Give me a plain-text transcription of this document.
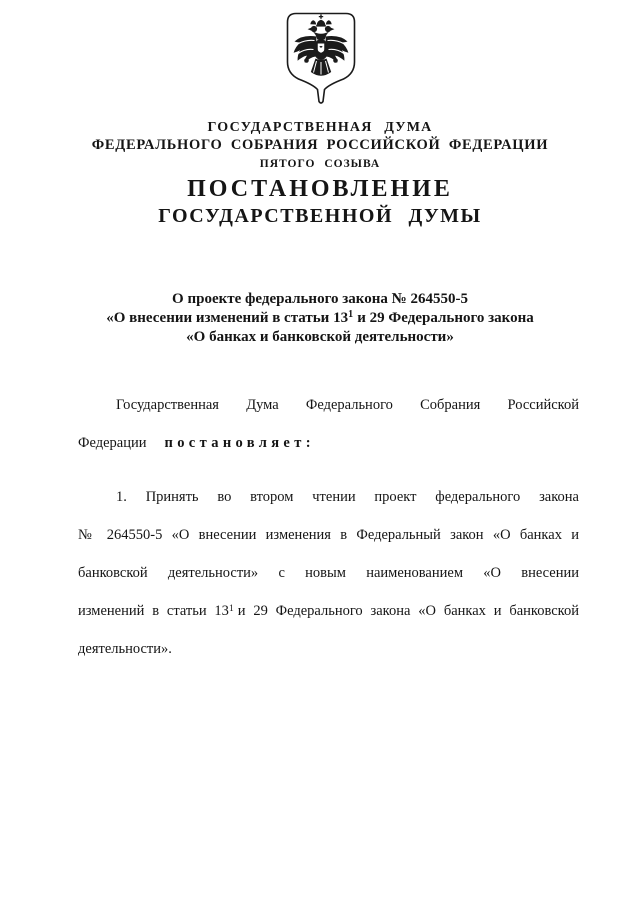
ГОСУДАРСТВЕННАЯ ДУМА
ФЕДЕРАЛЬНОГО СОБРАНИЯ РОССИЙСКОЙ ФЕДЕРАЦИИ
ПЯТОГО СОЗЫВА
ПОСТАНОВЛЕНИЕ
ГОСУДАРСТВЕННОЙ ДУМЫ
О проекте федерального закона № 264550-5
«О внесении изменений в статьи $13^1$ и 29 Федерального закона
«О банках и банковской деятельности»
Государственная Дума Федерального Собрания Российской
Федерации постановляет:
1. Принять во втором чтении проект федерального закона
№ 264550-5 «О внесении изменения в Федеральный закон «О банках и
банковской деятельности» с новым наименованием «О внесении
изменений в статьи $13^1$ и 29 Федерального закона «О банках и банковской
деятельности».
